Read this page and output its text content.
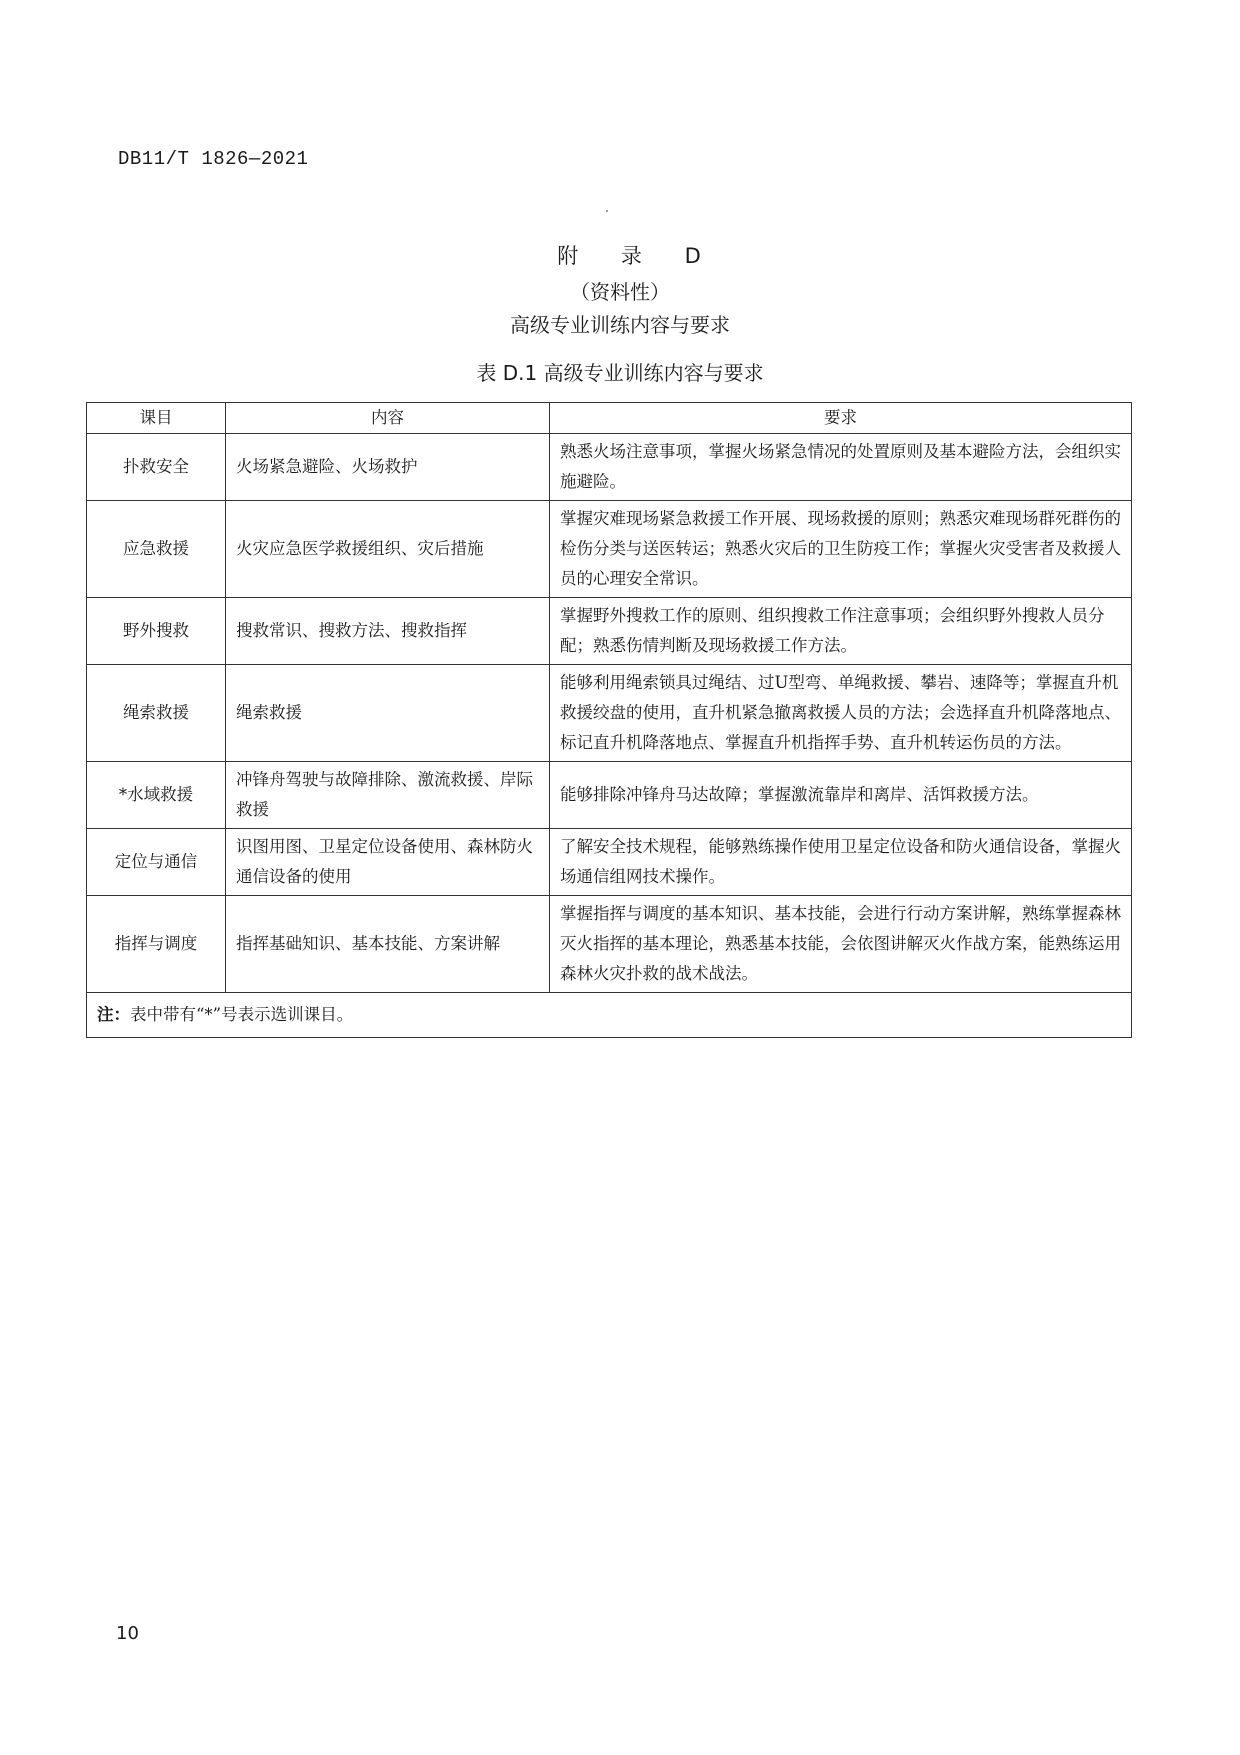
DB11/T 1826—2021
附 录 D
（资料性）
高级专业训练内容与要求
表 D.1 高级专业训练内容与要求
课目	内容	要求
扑救安全	火场紧急避险、火场救护	熟悉火场注意事项，掌握火场紧急情况的处置原则及基本避险方法，会组织实施避险。
应急救援	火灾应急医学救援组织、灾后措施	掌握灾难现场紧急救援工作开展、现场救援的原则；熟悉灾难现场群死群伤的检伤分类与送医转运；熟悉火灾后的卫生防疫工作；掌握火灾受害者及救援人员的心理安全常识。
野外搜救	搜救常识、搜救方法、搜救指挥	掌握野外搜救工作的原则、组织搜救工作注意事项；会组织野外搜救人员分配；熟悉伤情判断及现场救援工作方法。
绳索救援	绳索救援	能够利用绳索锁具过绳结、过U型弯、单绳救援、攀岩、速降等；掌握直升机救援绞盘的使用，直升机紧急撤离救援人员的方法；会选择直升机降落地点、标记直升机降落地点、掌握直升机指挥手势、直升机转运伤员的方法。
*水域救援	冲锋舟驾驶与故障排除、激流救援、岸际救援	能够排除冲锋舟马达故障；掌握激流靠岸和离岸、活饵救援方法。
定位与通信	识图用图、卫星定位设备使用、森林防火通信设备的使用	了解安全技术规程，能够熟练操作使用卫星定位设备和防火通信设备，掌握火场通信组网技术操作。
指挥与调度	指挥基础知识、基本技能、方案讲解	掌握指挥与调度的基本知识、基本技能，会进行行动方案讲解，熟练掌握森林灭火指挥的基本理论，熟悉基本技能，会依图讲解灭火作战方案，能熟练运用森林火灾扑救的战术战法。
注：表中带有“*”号表示选训课目。		
10
